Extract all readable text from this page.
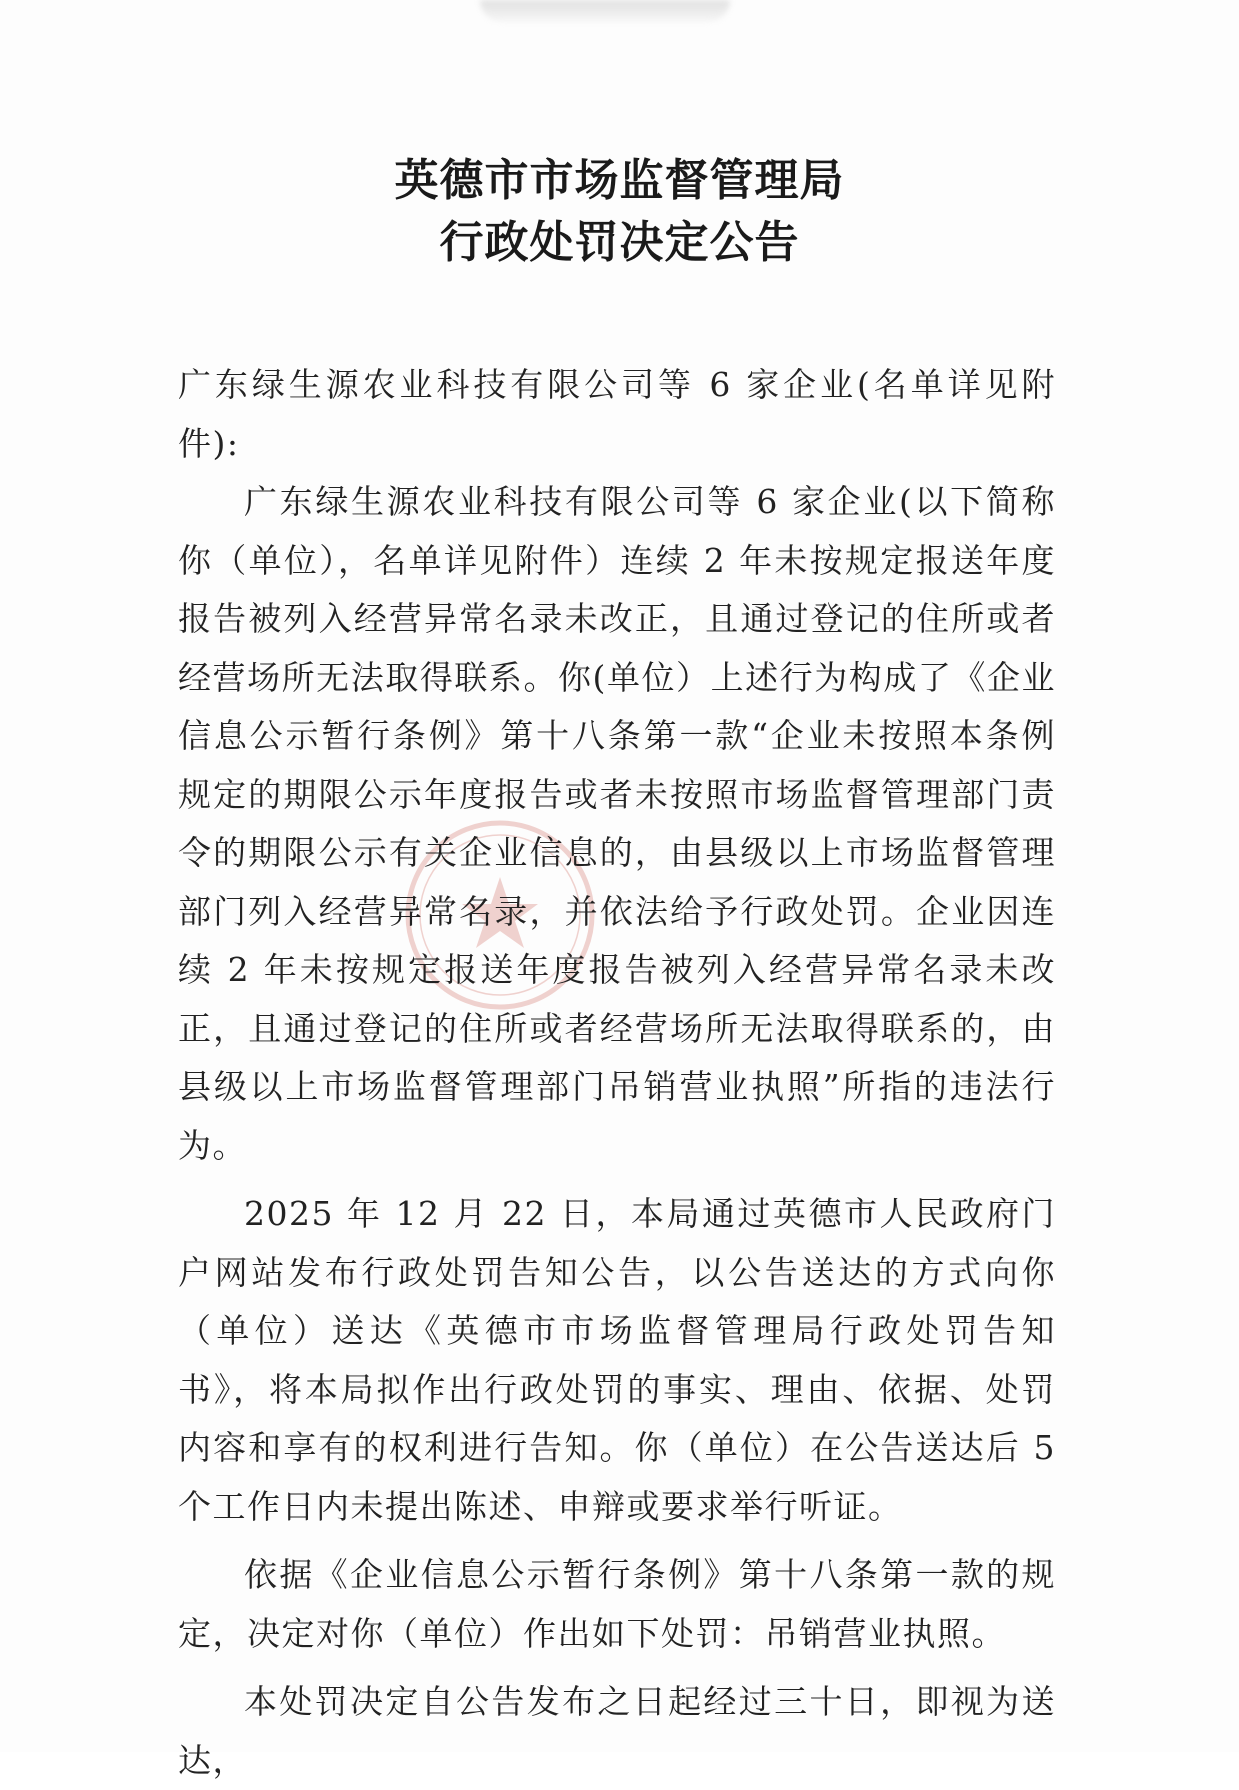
英德市市场监督管理局
行政处罚决定公告

广东绿生源农业科技有限公司等 6 家企业(名单详见附件):

广东绿生源农业科技有限公司等 6 家企业(以下简称你（单位），名单详见附件）连续 2 年未按规定报送年度报告被列入经营异常名录未改正，且通过登记的住所或者经营场所无法取得联系。你(单位）上述行为构成了《企业信息公示暂行条例》第十八条第一款“企业未按照本条例规定的期限公示年度报告或者未按照市场监督管理部门责令的期限公示有关企业信息的，由县级以上市场监督管理部门列入经营异常名录，并依法给予行政处罚。企业因连续 2 年未按规定报送年度报告被列入经营异常名录未改正，且通过登记的住所或者经营场所无法取得联系的，由县级以上市场监督管理部门吊销营业执照”所指的违法行为。

2025 年 12 月 22 日，本局通过英德市人民政府门户网站发布行政处罚告知公告，以公告送达的方式向你（单位）送达《英德市市场监督管理局行政处罚告知书》，将本局拟作出行政处罚的事实、理由、依据、处罚内容和享有的权利进行告知。你（单位）在公告送达后 5 个工作日内未提出陈述、申辩或要求举行听证。

依据《企业信息公示暂行条例》第十八条第一款的规定，决定对你（单位）作出如下处罚：吊销营业执照。

本处罚决定自公告发布之日起经过三十日，即视为送达，
